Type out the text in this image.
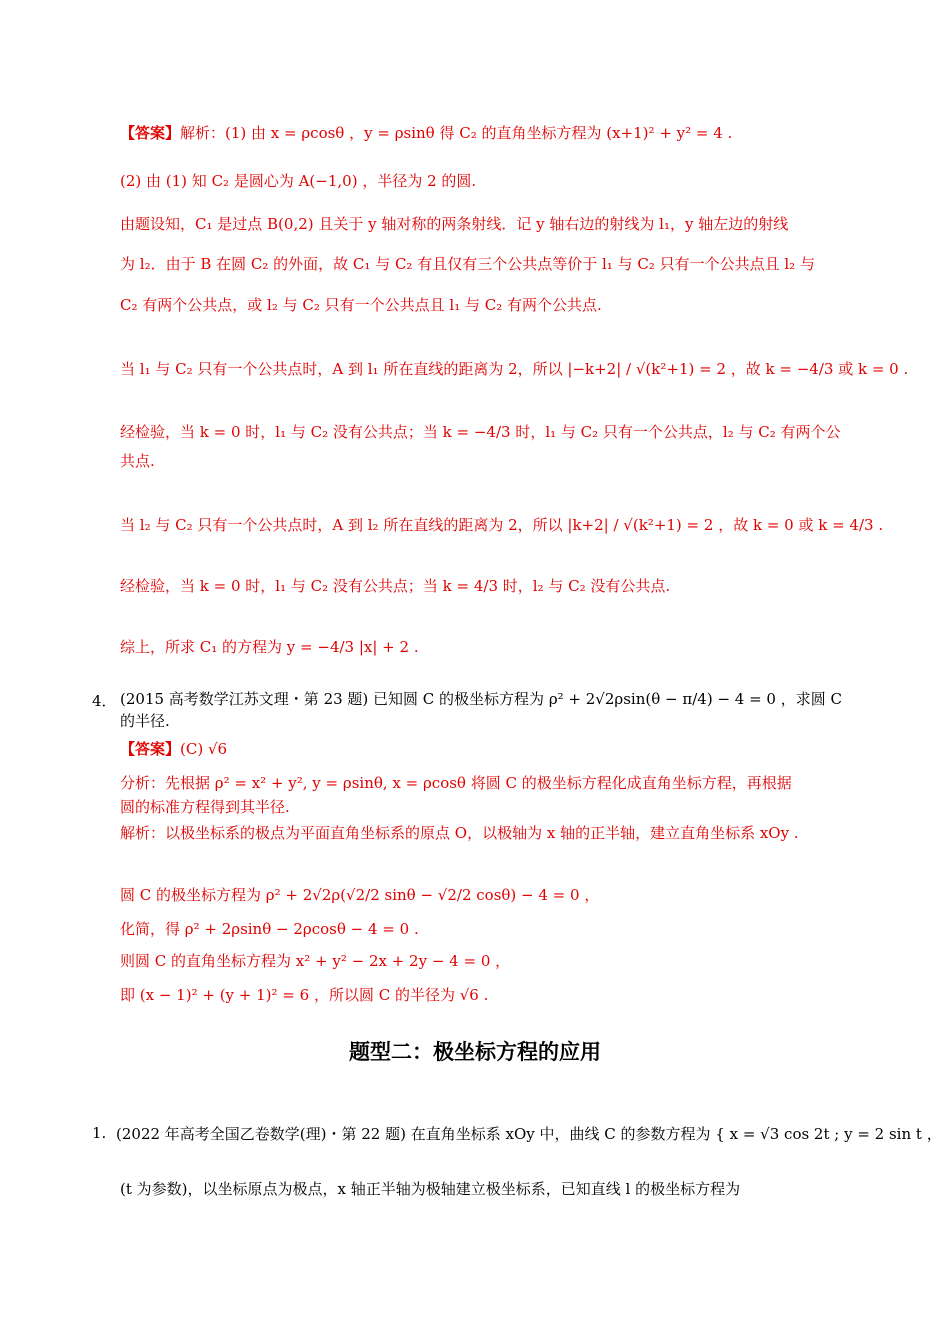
【答案】解析：(1) 由 x = ρcosθ ，y = ρsinθ 得 C₂ 的直角坐标方程为 (x+1)² + y² = 4 .
(2) 由 (1) 知 C₂ 是圆心为 A(−1,0) ，半径为 2 的圆.
由题设知，C₁ 是过点 B(0,2) 且关于 y 轴对称的两条射线．记 y 轴右边的射线为 l₁，y 轴左边的射线
为 l₂．由于 B 在圆 C₂ 的外面，故 C₁ 与 C₂ 有且仅有三个公共点等价于 l₁ 与 C₂ 只有一个公共点且 l₂ 与
C₂ 有两个公共点，或 l₂ 与 C₂ 只有一个公共点且 l₁ 与 C₂ 有两个公共点.
当 l₁ 与 C₂ 只有一个公共点时，A 到 l₁ 所在直线的距离为 2，所以 |−k+2| / √(k²+1) = 2 ，故 k = −4/3 或 k = 0 .
经检验，当 k = 0 时，l₁ 与 C₂ 没有公共点；当 k = −4/3 时，l₁ 与 C₂ 只有一个公共点，l₂ 与 C₂ 有两个公
共点.
当 l₂ 与 C₂ 只有一个公共点时，A 到 l₂ 所在直线的距离为 2，所以 |k+2| / √(k²+1) = 2 ，故 k = 0 或 k = 4/3 .
经检验，当 k = 0 时，l₁ 与 C₂ 没有公共点；当 k = 4/3 时，l₂ 与 C₂ 没有公共点.
综上，所求 C₁ 的方程为 y = −4/3 |x| + 2 .
4． (2015 高考数学江苏文理・第 23 题) 已知圆 C 的极坐标方程为 ρ² + 2√2ρsin(θ − π/4) − 4 = 0 ，求圆 C
的半径.
【答案】(C) √6
分析：先根据 ρ² = x² + y², y = ρsinθ, x = ρcosθ 将圆 C 的极坐标方程化成直角坐标方程，再根据
圆的标准方程得到其半径.
解析：以极坐标系的极点为平面直角坐标系的原点 O，以极轴为 x 轴的正半轴，建立直角坐标系 xOy .
圆 C 的极坐标方程为 ρ² + 2√2ρ(√2/2 sinθ − √2/2 cosθ) − 4 = 0 ，
化简，得 ρ² + 2ρsinθ − 2ρcosθ − 4 = 0 .
则圆 C 的直角坐标方程为 x² + y² − 2x + 2y − 4 = 0 ，
即 (x − 1)² + (y + 1)² = 6 ，所以圆 C 的半径为 √6 .
题型二：极坐标方程的应用
1. (2022 年高考全国乙卷数学(理)・第 22 题) 在直角坐标系 xOy 中，曲线 C 的参数方程为 { x = √3 cos 2t ; y = 2 sin t ，
(t 为参数)，以坐标原点为极点，x 轴正半轴为极轴建立极坐标系，已知直线 l 的极坐标方程为
